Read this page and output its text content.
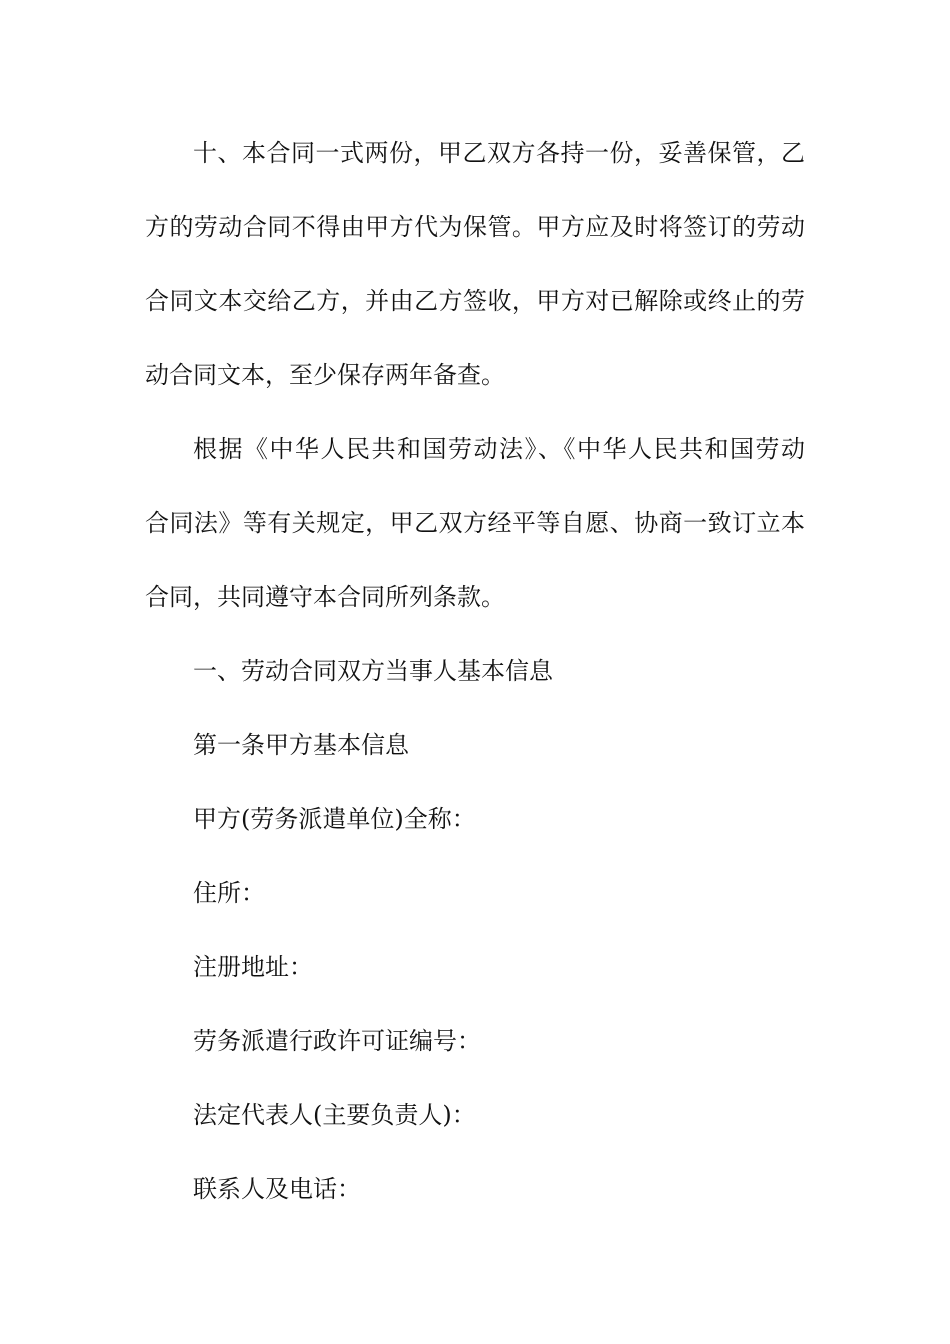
十、本合同一式两份，甲乙双方各持一份，妥善保管，乙
方的劳动合同不得由甲方代为保管。甲方应及时将签订的劳动
合同文本交给乙方，并由乙方签收，甲方对已解除或终止的劳
动合同文本，至少保存两年备查。
根据《中华人民共和国劳动法》、《中华人民共和国劳动
合同法》等有关规定，甲乙双方经平等自愿、协商一致订立本
合同，共同遵守本合同所列条款。
一、劳动合同双方当事人基本信息
第一条甲方基本信息
甲方(劳务派遣单位)全称：
住所：
注册地址：
劳务派遣行政许可证编号：
法定代表人(主要负责人)：
联系人及电话：
